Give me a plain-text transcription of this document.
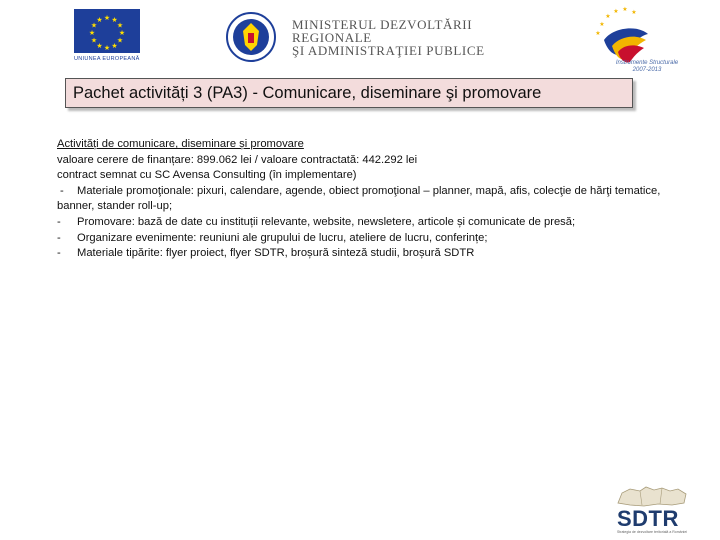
★ ★
★
★
★
★
★
★
★
★
★
★
UNIUNEA EUROPEANĂ
MINISTERUL DEZVOLTĂRII REGIONALE
ŞI ADMINISTRAŢIEI PUBLICE
★
★ ★ ★
★
★
Instrumente Structurale
2007-2013
Pachet activități 3 (PA3) - Comunicare, diseminare şi promovare
Activități de comunicare, diseminare și promovare
valoare cerere de finanțare: 899.062 lei / valoare contractată: 442.292 lei
contract semnat cu SC Avensa Consulting (în implementare)
- Materiale promoţionale: pixuri, calendare, agende, obiect promoţional – planner, mapă, afis, colecţie de hărţi tematice, banner, stander roll-up;
-	Promovare: bază de date cu instituții relevante, website, newsletere, articole și comunicate de presă;
-	Organizare evenimente: reuniuni ale grupului de lucru, ateliere de lucru, conferințe;
-	Materiale tipărite: flyer proiect, flyer SDTR, broșură sinteză studii, broșură SDTR
SDTR
Strategia de dezvoltare teritorială a României
